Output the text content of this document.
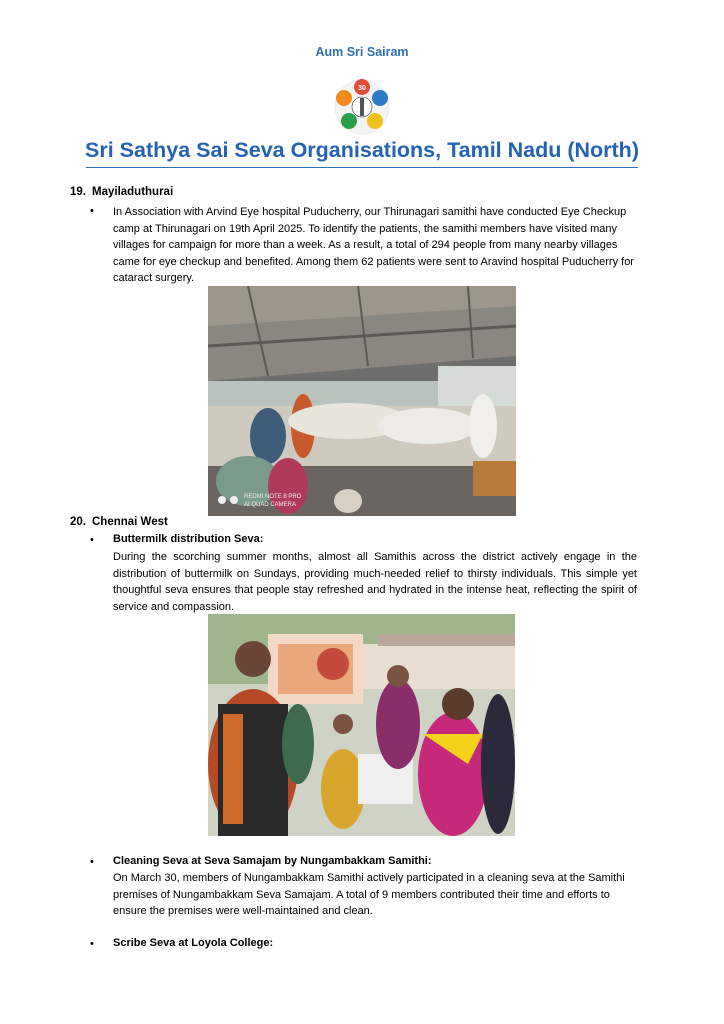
Aum Sri Sairam
30
Sri Sathya Sai Seva Organisations, Tamil Nadu (North)
19. Mayiladuthurai
•	In Association with Arvind Eye hospital Puducherry, our Thirunagari samithi have conducted Eye Checkup camp at Thirunagari on 19th April 2025. To identify the patients, the samithi members have visited many villages for campaign for more than a week. As a result, a total of 294 people from many nearby villages came for eye checkup and benefited. Among them 62 patients were sent to Aravind hospital Puducherry for cataract surgery.
REDMI NOTE 8 PRO
AI QUAD CAMERA
20. Chennai West
•	Buttermilk distribution Seva:
During the scorching summer months, almost all Samithis across the district actively engage in the distribution of buttermilk on Sundays, providing much-needed relief to thirsty individuals. This simple yet thoughtful seva ensures that people stay refreshed and hydrated in the intense heat, reflecting the spirit of service and compassion.
•	Cleaning Seva at Seva Samajam by Nungambakkam Samithi:
On March 30, members of Nungambakkam Samithi actively participated in a cleaning seva at the Samithi premises of Nungambakkam Seva Samajam. A total of 9 members contributed their time and efforts to ensure the premises were well-maintained and clean.
•	Scribe Seva at Loyola College:
